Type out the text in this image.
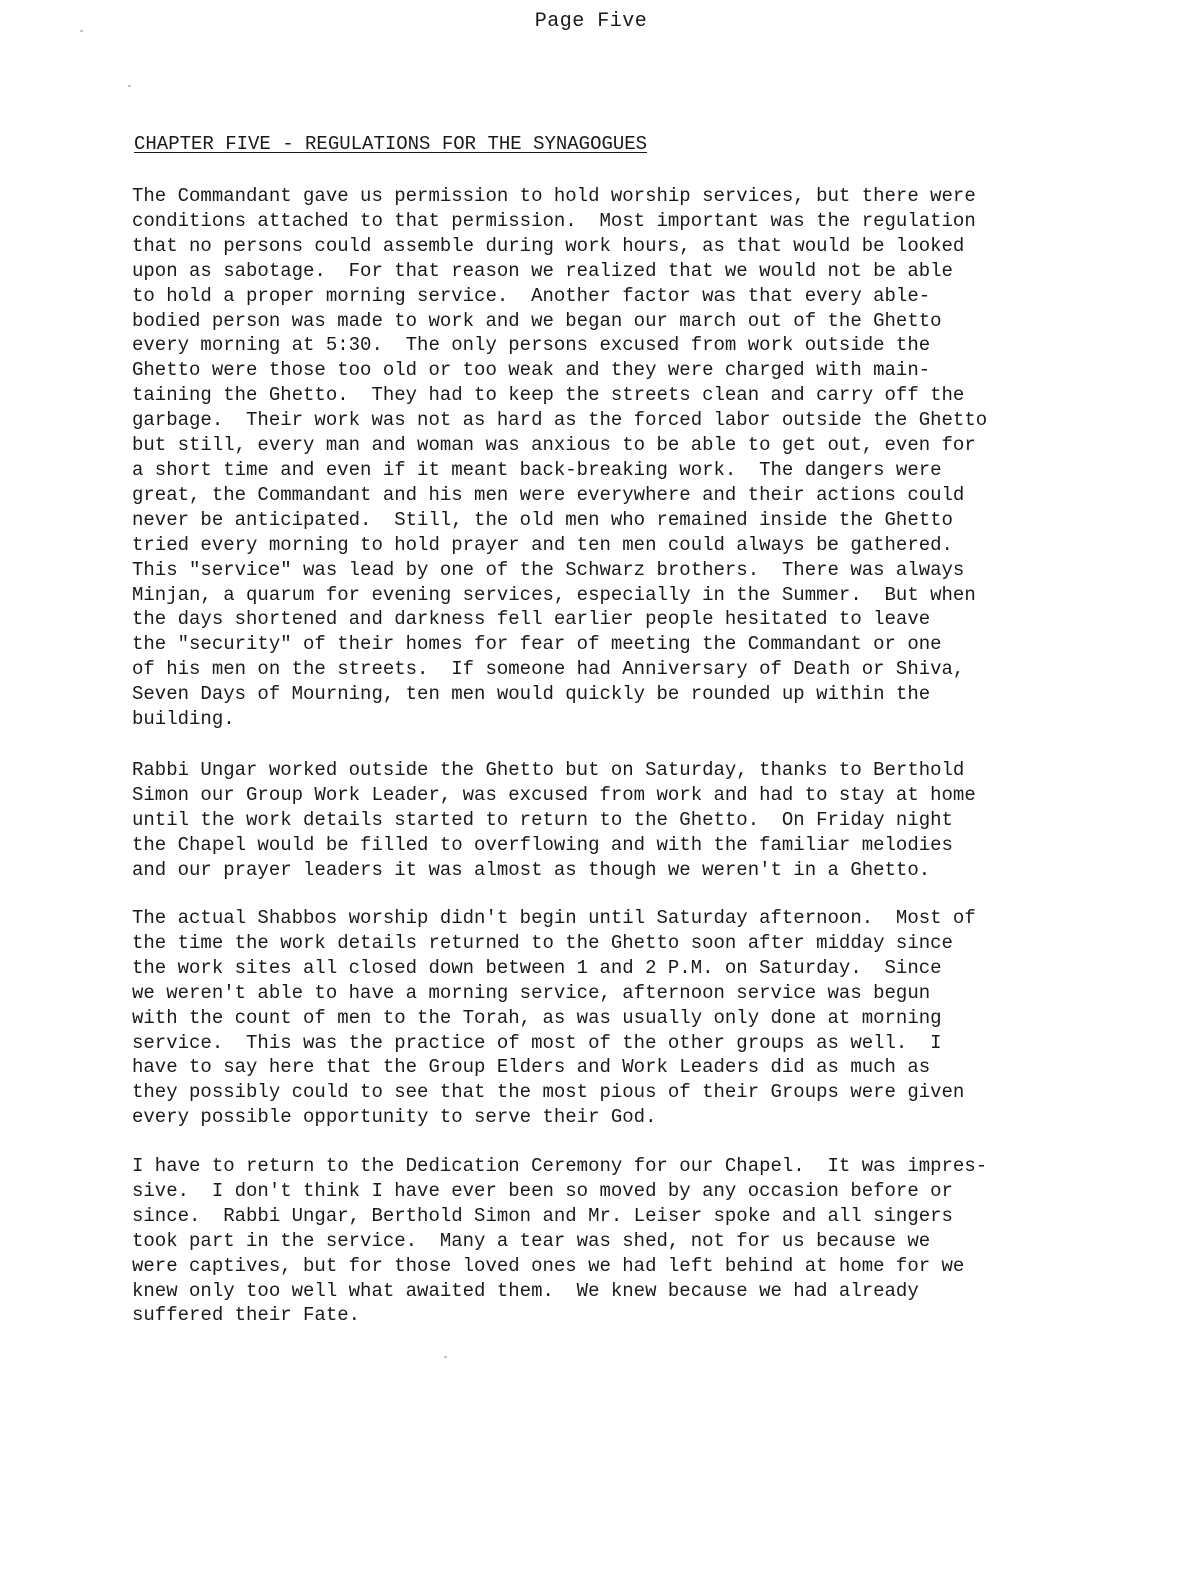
Page Five
CHAPTER FIVE - REGULATIONS FOR THE SYNAGOGUES
The Commandant gave us permission to hold worship services, but there were
conditions attached to that permission.  Most important was the regulation
that no persons could assemble during work hours, as that would be looked
upon as sabotage.  For that reason we realized that we would not be able
to hold a proper morning service.  Another factor was that every able-
bodied person was made to work and we began our march out of the Ghetto
every morning at 5:30.  The only persons excused from work outside the
Ghetto were those too old or too weak and they were charged with main-
taining the Ghetto.  They had to keep the streets clean and carry off the
garbage.  Their work was not as hard as the forced labor outside the Ghetto
but still, every man and woman was anxious to be able to get out, even for
a short time and even if it meant back-breaking work.  The dangers were
great, the Commandant and his men were everywhere and their actions could
never be anticipated.  Still, the old men who remained inside the Ghetto
tried every morning to hold prayer and ten men could always be gathered.
This "service" was lead by one of the Schwarz brothers.  There was always
Minjan, a quarum for evening services, especially in the Summer.  But when
the days shortened and darkness fell earlier people hesitated to leave
the "security" of their homes for fear of meeting the Commandant or one
of his men on the streets.  If someone had Anniversary of Death or Shiva,
Seven Days of Mourning, ten men would quickly be rounded up within the
building.
Rabbi Ungar worked outside the Ghetto but on Saturday, thanks to Berthold
Simon our Group Work Leader, was excused from work and had to stay at home
until the work details started to return to the Ghetto.  On Friday night
the Chapel would be filled to overflowing and with the familiar melodies
and our prayer leaders it was almost as though we weren't in a Ghetto.
The actual Shabbos worship didn't begin until Saturday afternoon.  Most of
the time the work details returned to the Ghetto soon after midday since
the work sites all closed down between 1 and 2 P.M. on Saturday.  Since
we weren't able to have a morning service, afternoon service was begun
with the count of men to the Torah, as was usually only done at morning
service.  This was the practice of most of the other groups as well.  I
have to say here that the Group Elders and Work Leaders did as much as
they possibly could to see that the most pious of their Groups were given
every possible opportunity to serve their God.
I have to return to the Dedication Ceremony for our Chapel.  It was impres-
sive.  I don't think I have ever been so moved by any occasion before or
since.  Rabbi Ungar, Berthold Simon and Mr. Leiser spoke and all singers
took part in the service.  Many a tear was shed, not for us because we
were captives, but for those loved ones we had left behind at home for we
knew only too well what awaited them.  We knew because we had already
suffered their Fate.
